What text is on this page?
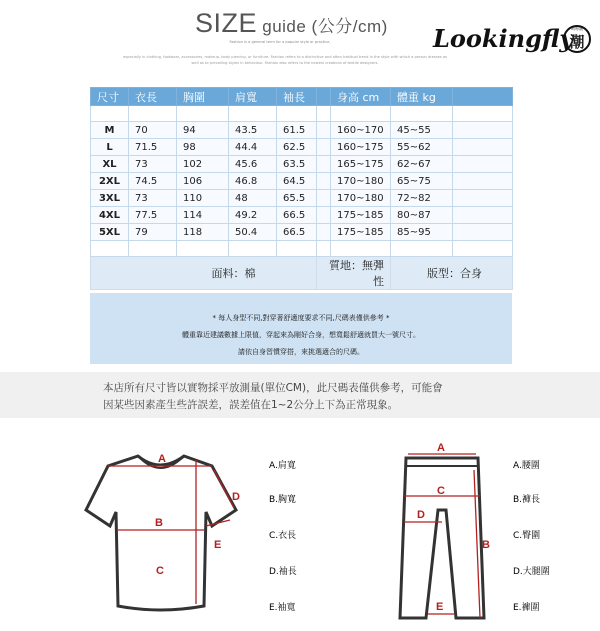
SIZE guide (公分/cm)
Fashion is a general term for a popular style or practice,
especially in clothing, footwear, accessories, makeup, body piercing, or furniture. Fashion refers to a distinctive and often habitual trend in the style with which a person dresses as well as to prevailing styles in behaviour. Fashion also refers to the newest creations of textile designers.
Lookingfly
呵呀潮
潮
尺寸	衣長	胸圍	肩寬	袖長		身高 cm	體重 kg	

M	70	94	43.5	61.5		160~170	45~55	
L	71.5	98	44.4	62.5		160~175	55~62	
XL	73	102	45.6	63.5		165~175	62~67	
2XL	74.5	106	46.8	64.5		170~180	65~75	
3XL	73	110	48	65.5		170~180	72~82	
4XL	77.5	114	49.2	66.5		175~185	80~87	
5XL	79	118	50.4	66.5		175~185	85~95	

面料：棉					質地：無彈性		版型：合身	
* 每人身型不同,對穿著舒適度要求不同,尺碼表僅供參考 *
體重靠近建議數據上限值，穿起來為剛好合身，想寬鬆舒適就買大一號尺寸。
請依自身習慣穿搭，來挑選適合的尺碼。
本店所有尺寸皆以實物採平放測量(單位CM)，此尺碼表僅供參考，可能會
因某些因素產生些許誤差，誤差值在1~2公分上下為正常現象。
A
B
C
D
E
A.肩寬
B.胸寬
C.衣長
D.袖長
E.袖寬
A
B
C
D
E
A.腰圍
B.褲長
C.臀圍
D.大腿圍
E.褲圍
